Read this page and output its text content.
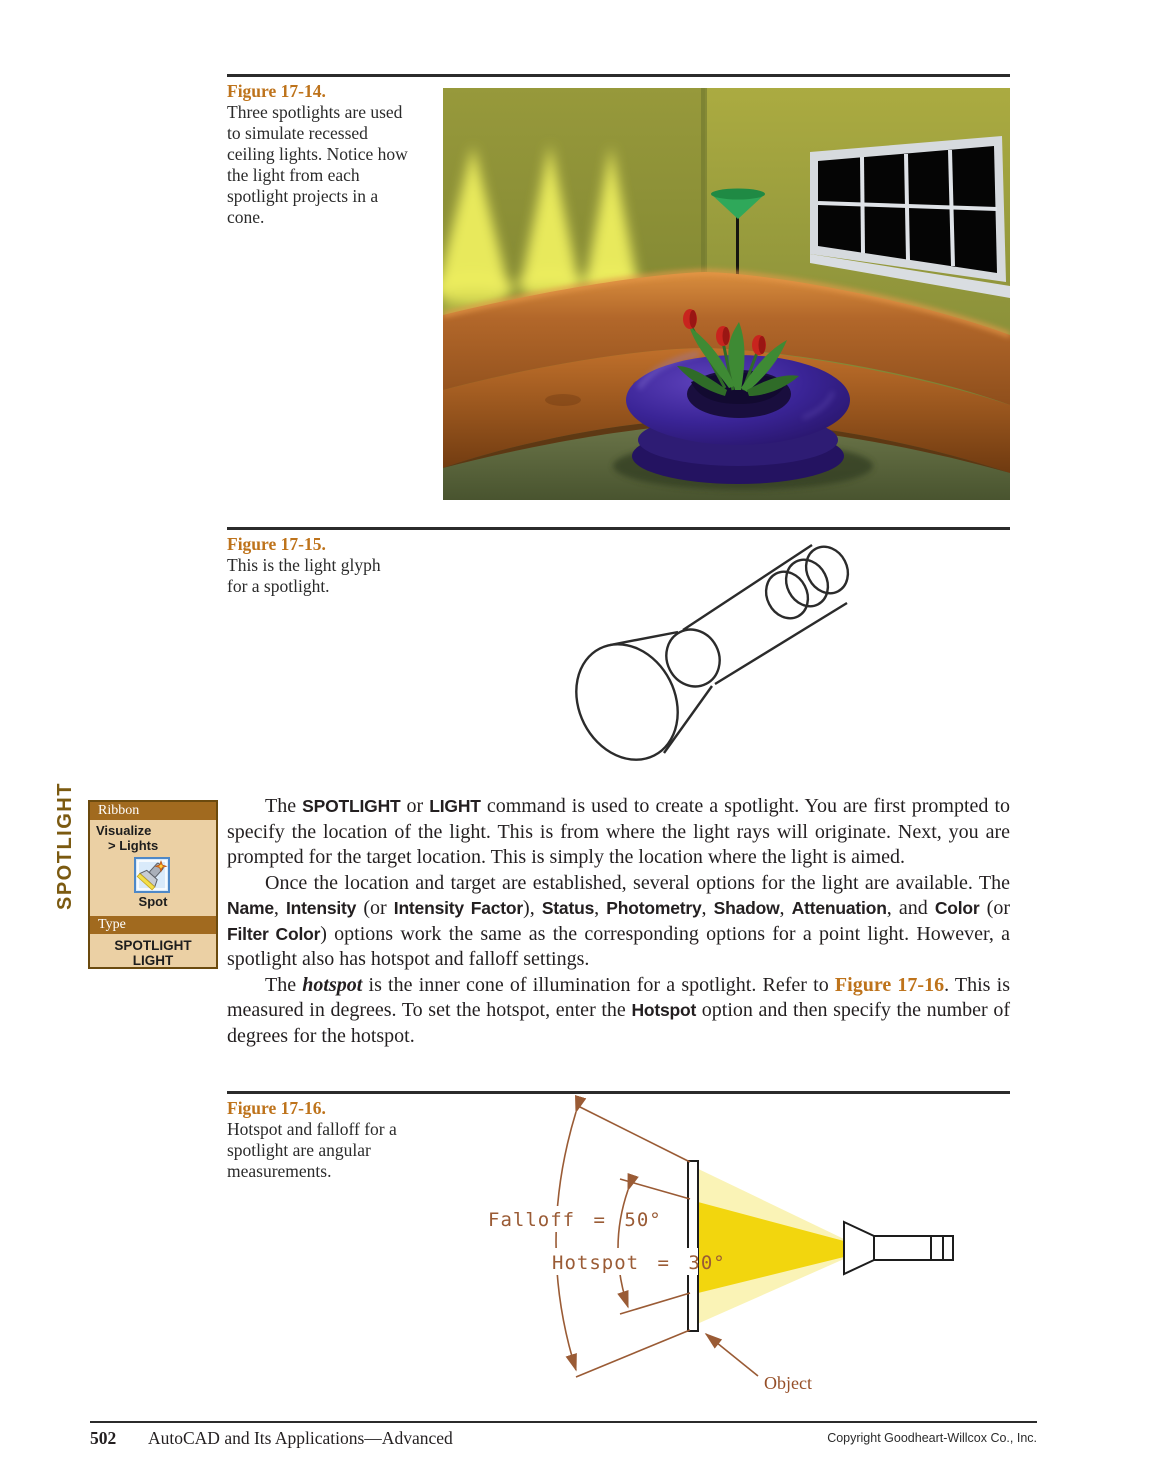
Figure 17-14.
Three spotlights are used to simulate recessed ceiling lights. Notice how the light from each spotlight projects in a cone.
Figure 17-15.
This is the light glyph for a spotlight.
SPOTLIGHT	Ribbon
Visualize
> Lights
Spot
Type
SPOTLIGHT
LIGHT

The SPOTLIGHT or LIGHT command is used to create a spotlight. You are first prompted to specify the location of the light. This is from where the light rays will originate. Next, you are prompted for the target location. This is simply the location where the light is aimed.

Once the location and target are established, several options for the light are available. The Name, Intensity (or Intensity Factor), Status, Photometry, Shadow, Attenuation, and Color (or Filter Color) options work the same as the corresponding options for a point light. However, a spotlight also has hotspot and falloff settings.

The hotspot is the inner cone of illumination for a spotlight. Refer to Figure 17-16. This is measured in degrees. To set the hotspot, enter the Hotspot option and then specify the number of degrees for the hotspot.

Figure 17-16.
Hotspot and falloff for a spotlight are angular measurements.
Falloff = 50°
Hotspot = 30°
Object
502 AutoCAD and Its Applications—Advanced	Copyright Goodheart-Willcox Co., Inc.
